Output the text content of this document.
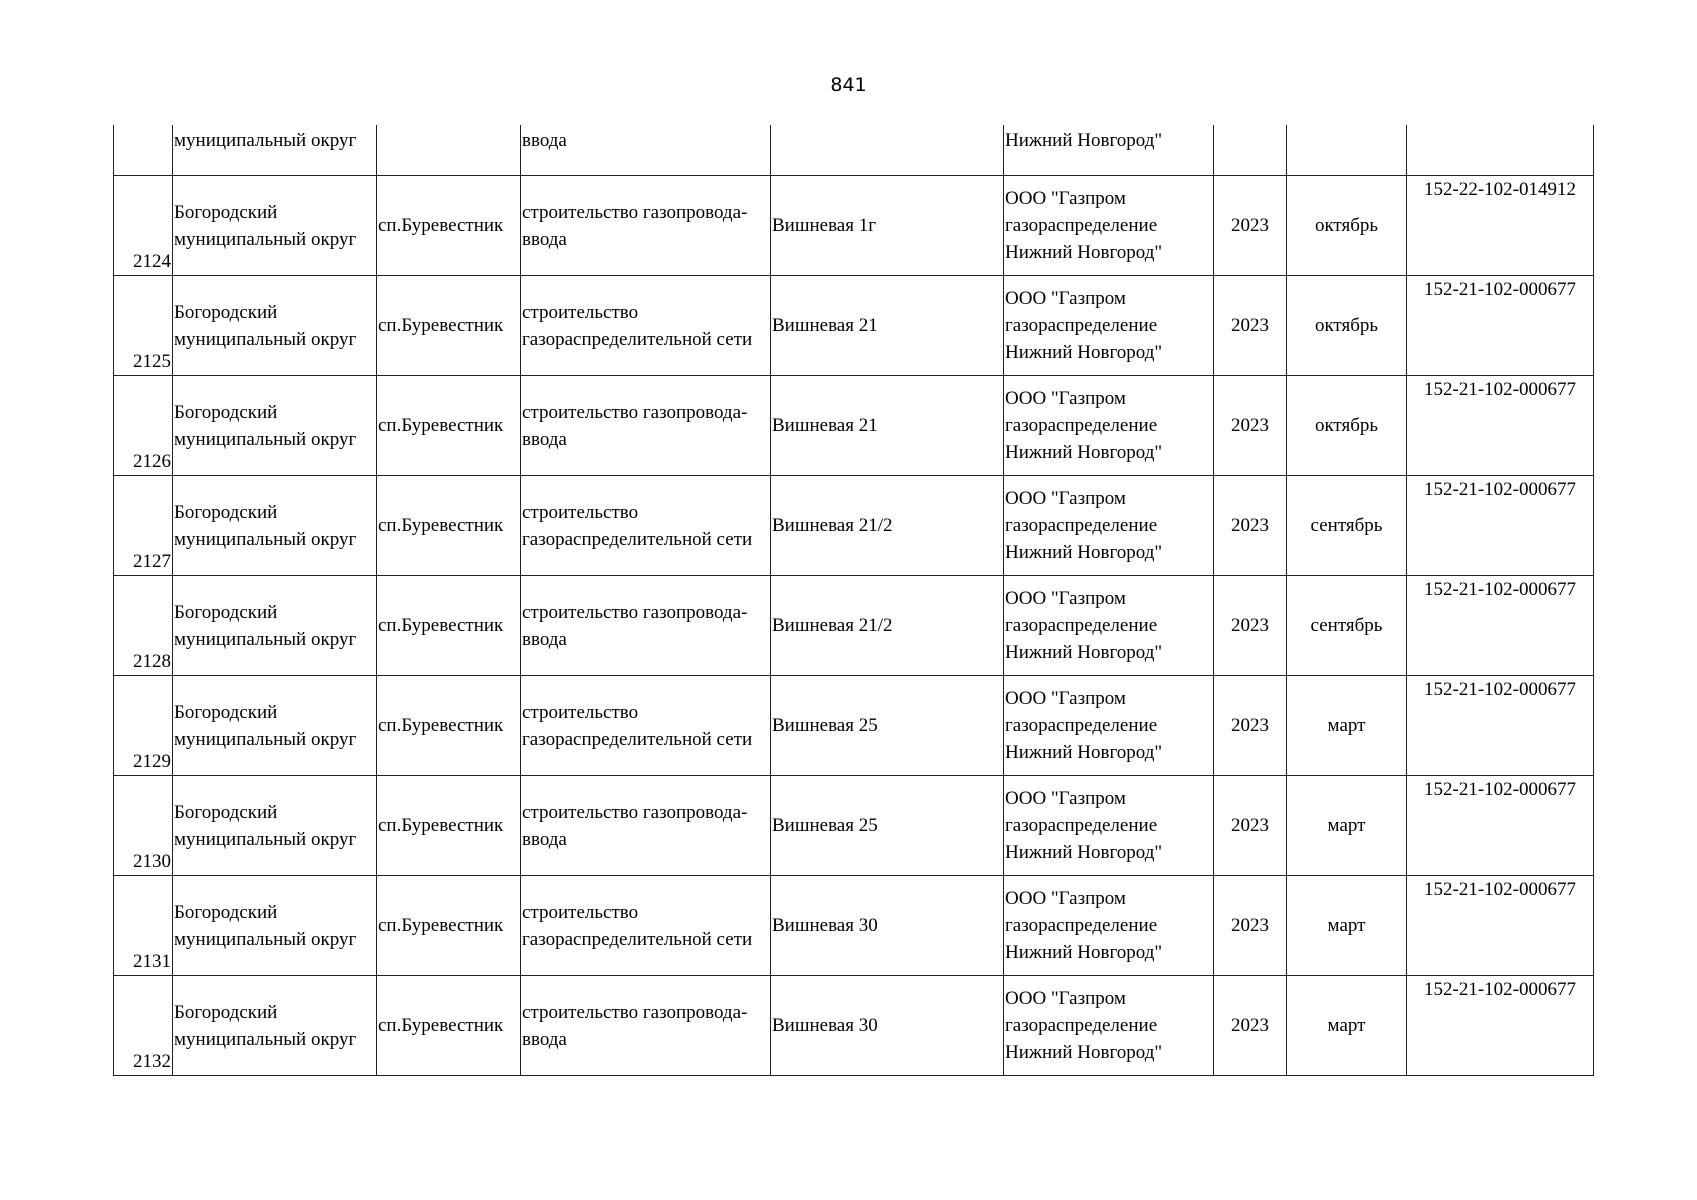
841
	муниципальный округ		ввода		Нижний Новгород"			
2124	Богородский
муниципальный округ	сп.Буревестник	строительство газопровода-
ввода	Вишневая 1г	ООО "Газпром
газораспределение
Нижний Новгород"	2023	октябрь	152-22-102-014912
2125	Богородский
муниципальный округ	сп.Буревестник	строительство
газораспределительной сети	Вишневая 21	ООО "Газпром
газораспределение
Нижний Новгород"	2023	октябрь	152-21-102-000677
2126	Богородский
муниципальный округ	сп.Буревестник	строительство газопровода-
ввода	Вишневая 21	ООО "Газпром
газораспределение
Нижний Новгород"	2023	октябрь	152-21-102-000677
2127	Богородский
муниципальный округ	сп.Буревестник	строительство
газораспределительной сети	Вишневая 21/2	ООО "Газпром
газораспределение
Нижний Новгород"	2023	сентябрь	152-21-102-000677
2128	Богородский
муниципальный округ	сп.Буревестник	строительство газопровода-
ввода	Вишневая 21/2	ООО "Газпром
газораспределение
Нижний Новгород"	2023	сентябрь	152-21-102-000677
2129	Богородский
муниципальный округ	сп.Буревестник	строительство
газораспределительной сети	Вишневая 25	ООО "Газпром
газораспределение
Нижний Новгород"	2023	март	152-21-102-000677
2130	Богородский
муниципальный округ	сп.Буревестник	строительство газопровода-
ввода	Вишневая 25	ООО "Газпром
газораспределение
Нижний Новгород"	2023	март	152-21-102-000677
2131	Богородский
муниципальный округ	сп.Буревестник	строительство
газораспределительной сети	Вишневая 30	ООО "Газпром
газораспределение
Нижний Новгород"	2023	март	152-21-102-000677
2132	Богородский
муниципальный округ	сп.Буревестник	строительство газопровода-
ввода	Вишневая 30	ООО "Газпром
газораспределение
Нижний Новгород"	2023	март	152-21-102-000677
